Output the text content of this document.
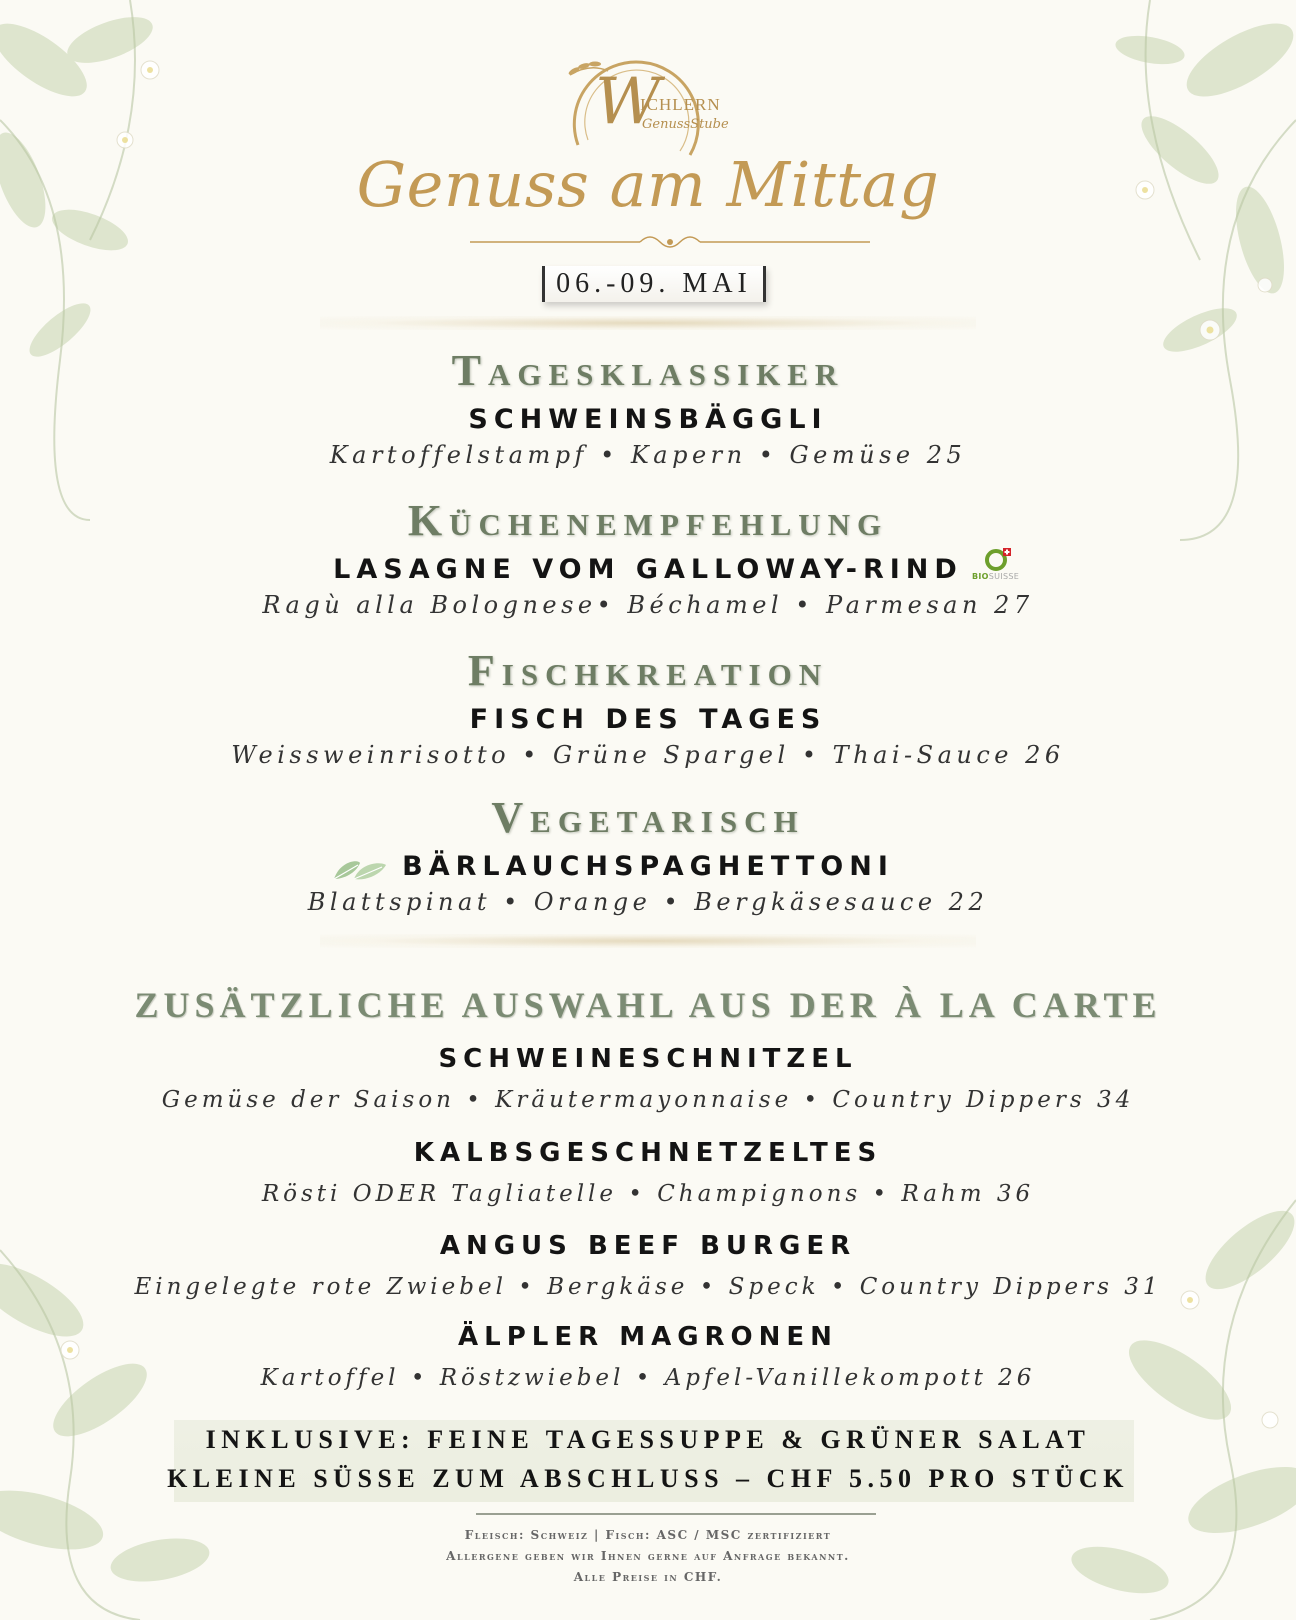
W
ICHLERN
GenussStube
Genuss am Mittag
06.-09. MAI
Tagesklassiker
SCHWEINSBÄGGLI
Kartoffelstampf • Kapern • Gemüse 25
Küchenempfehlung
LASAGNE VOM GALLOWAY-RIND	BIOSUISSE
Ragù alla Bolognese• Béchamel • Parmesan 27
Fischkreation
FISCH DES TAGES
Weissweinrisotto • Grüne Spargel • Thai-Sauce 26
Vegetarisch
BÄRLAUCHSPAGHETTONI
Blattspinat • Orange • Bergkäsesauce 22
ZUSÄTZLICHE AUSWAHL AUS DER À LA CARTE
SCHWEINESCHNITZEL
Gemüse der Saison • Kräutermayonnaise • Country Dippers 34
KALBSGESCHNETZELTES
Rösti ODER Tagliatelle • Champignons • Rahm 36
ANGUS BEEF BURGER
Eingelegte rote Zwiebel • Bergkäse • Speck • Country Dippers 31
ÄLPLER MAGRONEN
Kartoffel • Röstzwiebel • Apfel-Vanillekompott 26
INKLUSIVE: FEINE TAGESSUPPE & GRÜNER SALAT
KLEINE SÜSSE ZUM ABSCHLUSS – CHF 5.50 PRO STÜCK
Fleisch: Schweiz | Fisch: ASC / MSC zertifiziert
Allergene geben wir Ihnen gerne auf Anfrage bekannt.
Alle Preise in CHF.
